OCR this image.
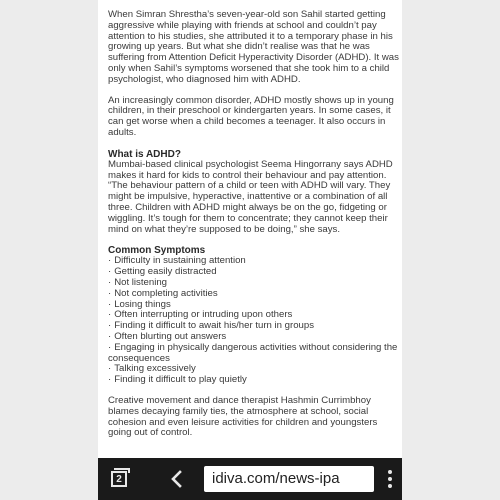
When Simran Shrestha’s seven-year-old son Sahil started getting aggressive while playing with friends at school and couldn’t pay attention to his studies, she attributed it to a temporary phase in his growing up years. But what she didn’t realise was that he was suffering from Attention Deficit Hyperactivity Disorder (ADHD). It was only when Sahil’s symptoms worsened that she took him to a child psychologist, who diagnosed him with ADHD.

An increasingly common disorder, ADHD mostly shows up in young children, in their preschool or kindergarten years. In some cases, it can get worse when a child becomes a teenager. It also occurs in adults.

What is ADHD?

Mumbai-based clinical psychologist Seema Hingorrany says ADHD makes it hard for kids to control their behaviour and pay attention. “The behaviour pattern of a child or teen with ADHD will vary. They might be impulsive, hyperactive, inattentive or a combination of all three. Children with ADHD might always be on the go, fidgeting or wiggling. It’s tough for them to concentrate; they cannot keep their mind on what they’re supposed to be doing,” she says.

Common Symptoms
· Difficulty in sustaining attention
· Getting easily distracted
· Not listening
· Not completing activities
· Losing things
· Often interrupting or intruding upon others
· Finding it difficult to await his/her turn in groups
· Often blurting out answers
· Engaging in physically dangerous activities without considering the consequences
· Talking excessively
· Finding it difficult to play quietly

Creative movement and dance therapist Hashmin Currimbhoy blames decaying family ties, the atmosphere at school, social cohesion and even leisure activities for children and youngsters going out of control.

2	idiva.com/news-ipa
